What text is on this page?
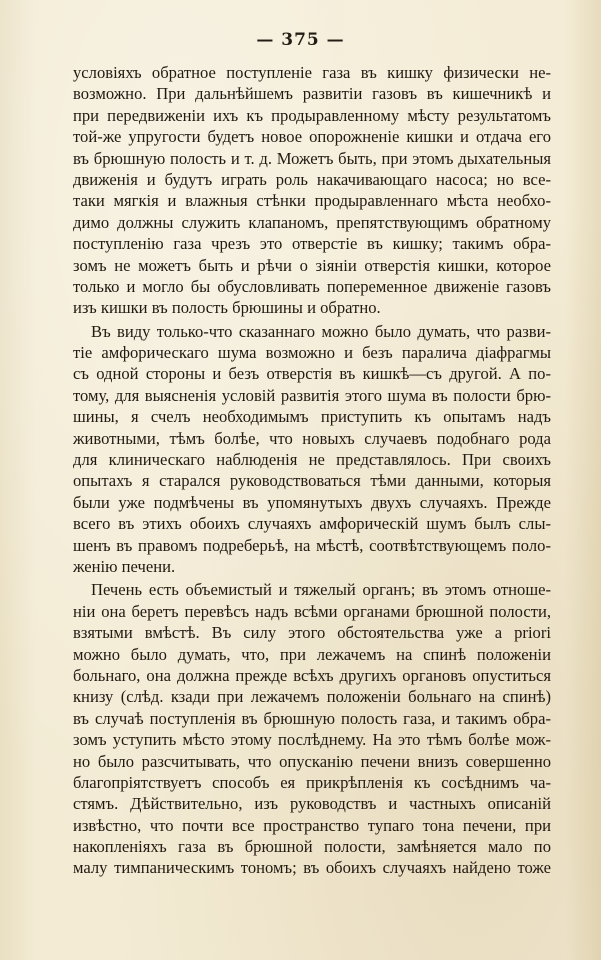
— 375 —
условіяхъ обратное поступленіе газа въ кишку физически не-
возможно. При дальнѣйшемъ развитіи газовъ въ кишечникѣ и
при передвиженіи ихъ къ продыравленному мѣсту результатомъ
той-же упругости будетъ новое опорожненіе кишки и отдача его
въ брюшную полость и т. д. Можетъ быть, при этомъ дыхательныя
движенія и будутъ играть роль накачивающаго насоса; но все-
таки мягкія и влажныя стѣнки продыравленнаго мѣста необхо-
димо должны служить клапаномъ, препятствующимъ обратному
поступленію газа чрезъ это отверстіе въ кишку; такимъ обра-
зомъ не можетъ быть и рѣчи о зіяніи отверстія кишки, которое
только и могло бы обусловливать попеременное движеніе газовъ
изъ кишки въ полость брюшины и обратно.
Въ виду только-что сказаннаго можно было думать, что разви-
тіе амфорическаго шума возможно и безъ паралича діафрагмы
съ одной стороны и безъ отверстія въ кишкѣ—съ другой. А по-
тому, для выясненія условій развитія этого шума въ полости брю-
шины, я счелъ необходимымъ приступить къ опытамъ надъ
животными, тѣмъ болѣе, что новыхъ случаевъ подобнаго рода
для клиническаго наблюденія не представлялось. При своихъ
опытахъ я старался руководствоваться тѣми данными, которыя
были уже подмѣчены въ упомянутыхъ двухъ случаяхъ. Прежде
всего въ этихъ обоихъ случаяхъ амфорическій шумъ былъ слы-
шенъ въ правомъ подреберьѣ, на мѣстѣ, соотвѣтствующемъ поло-
женію печени.
Печень есть объемистый и тяжелый органъ; въ этомъ отноше-
ніи она беретъ перевѣсъ надъ всѣми органами брюшной полости,
взятыми вмѣстѣ. Въ силу этого обстоятельства уже a priori
можно было думать, что, при лежачемъ на спинѣ положеніи
больнаго, она должна прежде всѣхъ другихъ органовъ опуститься
книзу (слѣд. кзади при лежачемъ положеніи больнаго на спинѣ)
въ случаѣ поступленія въ брюшную полость газа, и такимъ обра-
зомъ уступить мѣсто этому послѣднему. На это тѣмъ болѣе мож-
но было разсчитывать, что опусканію печени внизъ совершенно
благопріятствуетъ способъ ея прикрѣпленія къ сосѣднимъ ча-
стямъ. Дѣйствительно, изъ руководствъ и частныхъ описаній
извѣстно, что почти все пространство тупаго тона печени, при
накопленіяхъ газа въ брюшной полости, замѣняется мало по
малу тимпаническимъ тономъ; въ обоихъ случаяхъ найдено тоже
